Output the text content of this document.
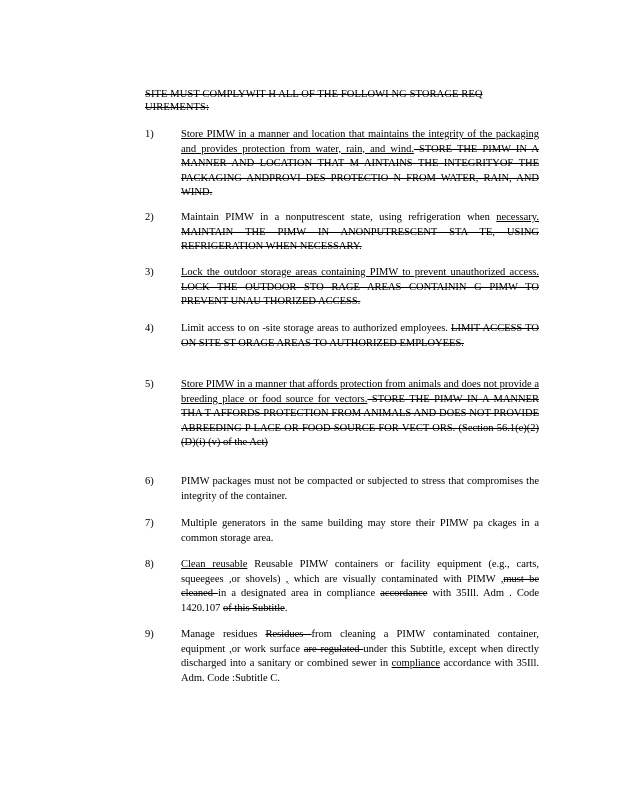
SITE MUST COMPLYWIT H ALL OF THE FOLLOWI NG STORAGE REQ UIREMENTS:
1)	Store PIMW in a manner and location that maintains the integrity of the packaging and provides protection from water, rain, and wind. STORE THE PIMW IN A MANNER AND LOCATION THAT M AINTAINS THE INTEGRITYOF THE PACKAGING ANDPROVI DES PROTECTIO N FROM WATER, RAIN, AND WIND.
2)	Maintain PIMW in a nonputrescent state, using refrigeration when necessary. MAINTAIN THE PIMW IN ANONPUTRESCENT STA TE, USING REFRIGERATION WHEN NECESSARY.
3)	Lock the outdoor storage areas containing PIMW to prevent unauthorized access. LOCK THE OUTDOOR STO RAGE AREAS CONTAININ G PIMW TO PREVENT UNAU THORIZED ACCESS.
4)	Limit access to on -site storage areas to authorized employees. LIMIT ACCESS TO ON SITE ST ORAGE AREAS TO AUTHORIZED EMPLOYEES.
5)	Store PIMW in a manner that affords protection from animals and does not provide a breeding place or food source for vectors. STORE THE PIMW IN A MANNER THA T AFFORDS PROTECTION FROM ANIMALS AND DOES NOT PROVIDE ABREEDING P LACE OR FOOD SOURCE FOR VECT ORS. (Section 56.1(e)(2)(D)(i) (v) of the Act)
6)	PIMW packages must not be compacted or subjected to stress that compromises the integrity of the container.
7)	Multiple generators in the same building may store their PIMW pa ckages in a common storage area.
8)	Clean reusable Reusable PIMW containers or facility equipment (e.g., carts, squeegees ,or shovels) , which are visually contaminated with PIMW ,must be cleaned in a designated area in compliance accordance with 35Ill. Adm . Code 1420.107 of this Subtitle.
9)	Manage residues Residues from cleaning a PIMW contaminated container, equipment ,or work surface are regulated under this Subtitle, except when directly discharged into a sanitary or combined sewer in compliance accordance with 35Ill. Adm. Code :Subtitle C.
